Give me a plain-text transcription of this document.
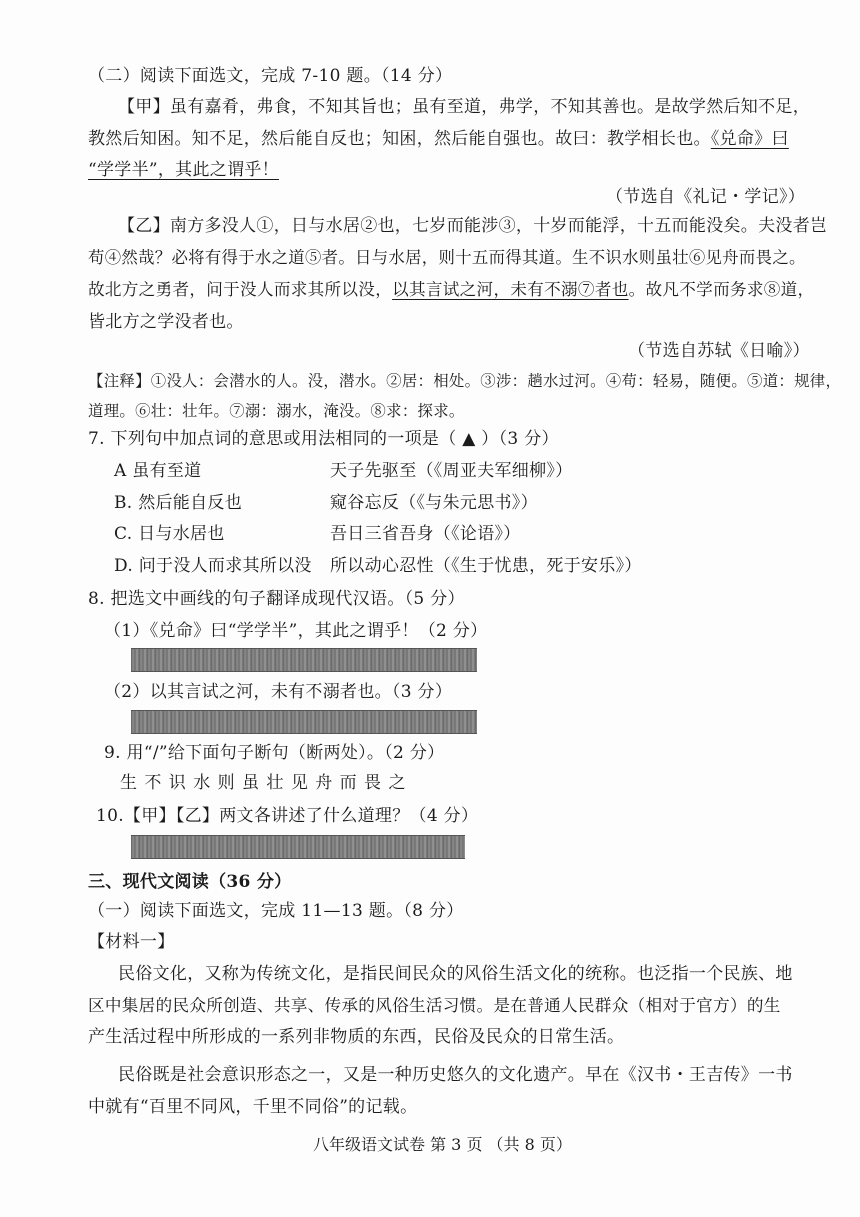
（二）阅读下面选文，完成 7-10 题。（14 分）
【甲】虽有嘉肴，弗食，不知其旨也；虽有至道，弗学，不知其善也。是故学然后知不足，
教然后知困。知不足，然后能自反也；知困，然后能自强也。故曰：教学相长也。《兑命》曰
“学学半”，其此之谓乎！
（节选自《礼记・学记》）
【乙】南方多没人①，日与水居②也，七岁而能涉③，十岁而能浮，十五而能没矣。夫没者岂
苟④然哉？必将有得于水之道⑤者。日与水居，则十五而得其道。生不识水则虽壮⑥见舟而畏之。
故北方之勇者，问于没人而求其所以没，以其言试之河，未有不溺⑦者也。故凡不学而务求⑧道，
皆北方之学没者也。
（节选自苏轼《日喻》）
【注释】①没人：会潜水的人。没，潜水。②居：相处。③涉：趟水过河。④苟：轻易，随便。⑤道：规律，
道理。⑥壮：壮年。⑦溺：溺水，淹没。⑧求：探求。
7. 下列句中加点词的意思或用法相同的一项是（ ▲ ）（3 分）
A 虽有至道	天子先驱至（《周亚夫军细柳》）
B. 然后能自反也	窥谷忘反（《与朱元思书》）
C. 日与水居也	吾日三省吾身（《论语》）
D. 问于没人而求其所以没 所以动心忍性（《生于忧患，死于安乐》）
8. 把选文中画线的句子翻译成现代汉语。（5 分）
（1）《兑命》曰“学学半”，其此之谓乎！（2 分）
（2）以其言试之河，未有不溺者也。（3 分）
9. 用“/”给下面句子断句（断两处）。（2 分）
生 不 识 水 则 虽 壮 见 舟 而 畏 之
10.【甲】【乙】两文各讲述了什么道理？（4 分）
三、现代文阅读（36 分）
（一）阅读下面选文，完成 11—13 题。（8 分）
【材料一】
民俗文化，又称为传统文化，是指民间民众的风俗生活文化的统称。也泛指一个民族、地
区中集居的民众所创造、共享、传承的风俗生活习惯。是在普通人民群众（相对于官方）的生
产生活过程中所形成的一系列非物质的东西，民俗及民众的日常生活。
民俗既是社会意识形态之一，又是一种历史悠久的文化遗产。早在《汉书・王吉传》一书
中就有“百里不同风，千里不同俗”的记载。
八年级语文试卷 第 3 页 （共 8 页）
